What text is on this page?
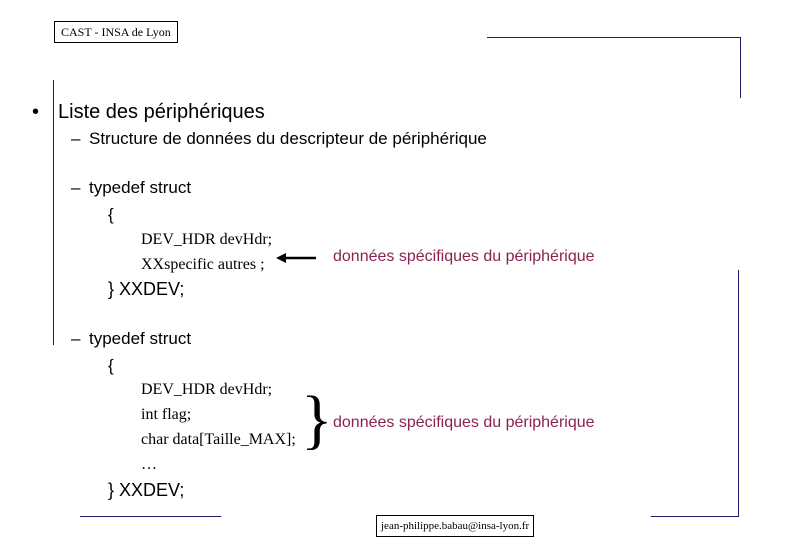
CAST - INSA de Lyon
• Liste des périphériques
– Structure de données du descripteur de périphérique
– typedef struct
{
DEV_HDR devHdr;
XXspecific autres ;
} XXDEV;
données spécifiques du périphérique
– typedef struct
{
DEV_HDR devHdr;
int flag;
char data[Taille_MAX];
…
} XXDEV;
} données spécifiques du périphérique
jean-philippe.babau@insa-lyon.fr
